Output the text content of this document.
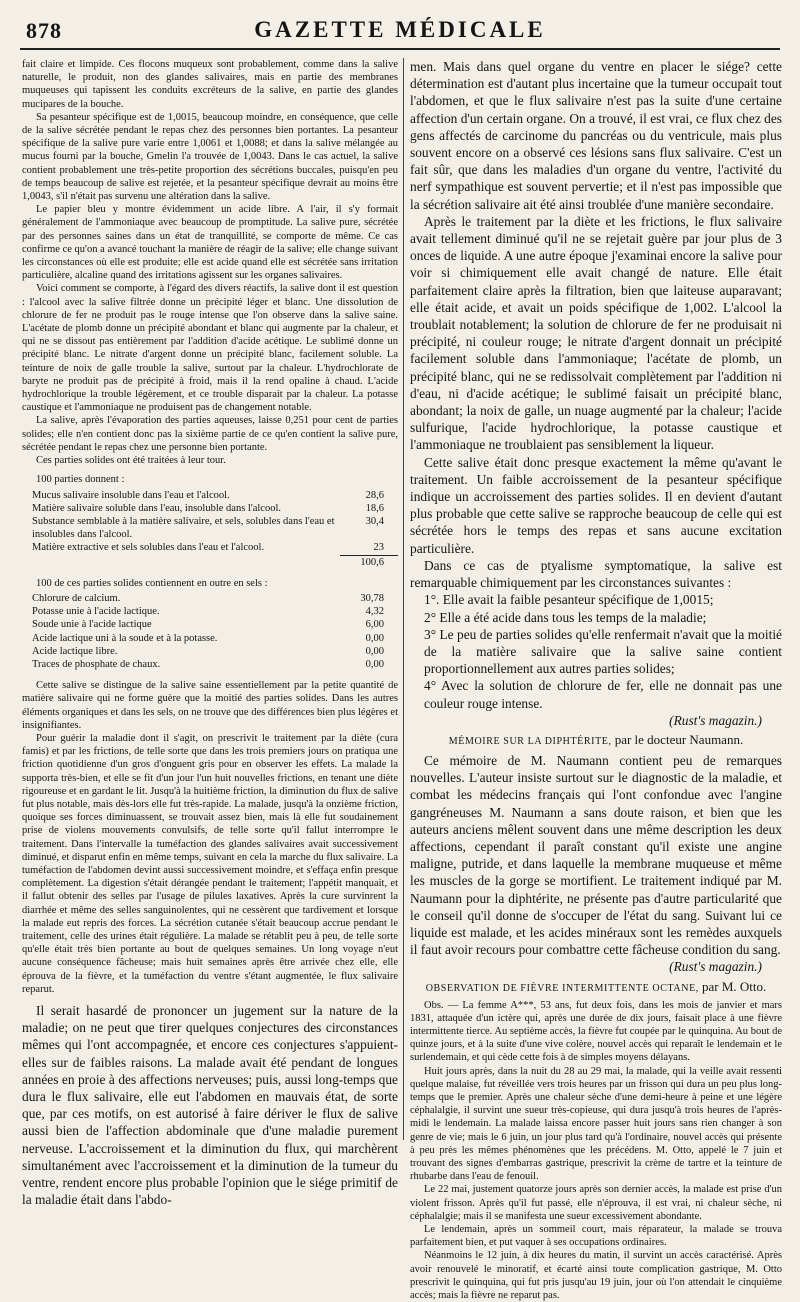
878	GAZETTE MÉDICALE

fait claire et limpide. Ces flocons muqueux sont probablement, comme dans la salive naturelle, le produit, non des glandes salivaires, mais en partie des membranes muqueuses qui tapissent les conduits excréteurs de la salive, en partie des glandes mucipares de la bouche.

Sa pesanteur spécifique est de 1,0015, beaucoup moindre, en conséquence, que celle de la salive sécrétée pendant le repas chez des personnes bien portantes. La pesanteur spécifique de la salive pure varie entre 1,0061 et 1,0088; et dans la salive mélangée au mucus fourni par la bouche, Gmelin l'a trouvée de 1,0043. Dans le cas actuel, la salive contient probablement une très-petite proportion des sécrétions buccales, puisqu'en peu de temps beaucoup de salive est rejetée, et la pesanteur spécifique devrait au moins être 1,0043, s'il n'était pas survenu une altération dans la salive.

Le papier bleu y montre évidemment un acide libre. A l'air, il s'y formait généralement de l'ammoniaque avec beaucoup de promptitude. La salive pure, sécrétée par des personnes saines dans un état de tranquillité, se comporte de même. Ce cas confirme ce qu'on a avancé touchant la manière de réagir de la salive; elle change suivant les circonstances où elle est produite; elle est acide quand elle est sécrétée sans irritation particulière, alcaline quand des irritations agissent sur les organes salivaires.

Voici comment se comporte, à l'égard des divers réactifs, la salive dont il est question : l'alcool avec la salive filtrée donne un précipité léger et blanc. Une dissolution de chlorure de fer ne produit pas le rouge intense que l'on observe dans la salive saine. L'acétate de plomb donne un précipité abondant et blanc qui augmente par la chaleur, et qui ne se dissout pas entièrement par l'addition d'acide acétique. Le sublimé donne un précipité blanc. Le nitrate d'argent donne un précipité blanc, facilement soluble. La teinture de noix de galle trouble la salive, surtout par la chaleur. L'hydrochlorate de baryte ne produit pas de précipité à froid, mais il la rend opaline à chaud. L'acide hydrochlorique la trouble légèrement, et ce trouble disparait par la chaleur. La potasse caustique et l'ammoniaque ne produisent pas de changement notable.

La salive, après l'évaporation des parties aqueuses, laisse 0,251 pour cent de parties solides; elle n'en contient donc pas la sixième partie de ce qu'en contient la salive pure, sécrétée pendant le repas chez une personne bien portante.

Ces parties solides ont été traitées à leur tour.

100 parties donnent :

Mucus salivaire insoluble dans l'eau et l'alcool.	28,6
Matière salivaire soluble dans l'eau, insoluble dans l'alcool.	18,6
Substance semblable à la matière salivaire, et sels, solubles dans l'eau et insolubles dans l'alcool.	30,4
Matière extractive et sels solubles dans l'eau et l'alcool.	23
	100,6

100 de ces parties solides contiennent en outre en sels :

Chlorure de calcium.	30,78
Potasse unie à l'acide lactique.	4,32
Soude unie à l'acide lactique	6,00
Acide lactique uni à la soude et à la potasse.	0,00
Acide lactique libre.	0,00
Traces de phosphate de chaux.	0,00

Cette salive se distingue de la salive saine essentiellement par la petite quantité de matière salivaire qui ne forme guère que la moitié des parties solides. Dans les autres éléments organiques et dans les sels, on ne trouve que des différences bien plus légères et insignifiantes.

Pour guérir la maladie dont il s'agit, on prescrivit le traitement par la diète (cura famis) et par les frictions, de telle sorte que dans les trois premiers jours on pratiqua une friction quotidienne d'un gros d'onguent gris pour en observer les effets. La malade la supporta très-bien, et elle se fit d'un jour l'un huit nouvelles frictions, en tenant une diète rigoureuse et en gardant le lit. Jusqu'à la huitième friction, la diminution du flux de salive fut plus notable, mais dès-lors elle fut très-rapide. La malade, jusqu'à la onzième friction, quoique ses forces diminuassent, se trouvait assez bien, mais là elle fut soudainement prise de violens mouvements convulsifs, de telle sorte qu'il fallut interrompre le traitement. Dans l'intervalle la tuméfaction des glandes salivaires avait successivement diminué, et disparut enfin en même temps, suivant en cela la marche du flux salivaire. La tuméfaction de l'abdomen devint aussi successivement moindre, et s'effaça enfin presque complètement. La digestion s'était dérangée pendant le traitement; l'appétit manquait, et il fallut obtenir des selles par l'usage de pilules laxatives. Après la cure survinrent la diarrhée et même des selles sanguinolentes, qui ne cessèrent que tardivement et lorsque la malade eut repris des forces. La sécrétion cutanée s'était beaucoup accrue pendant le traitement, celle des urines était régulière. La malade se rétablit peu à peu, de telle sorte qu'elle était très bien portante au bout de quelques semaines. Un long voyage n'eut aucune conséquence fâcheuse; mais huit semaines après être arrivée chez elle, elle éprouva de la fièvre, et la tuméfaction du ventre s'étant augmentée, le flux salivaire reparut.

Il serait hasardé de prononcer un jugement sur la nature de la maladie; on ne peut que tirer quelques conjectures des circonstances mêmes qui l'ont accompagnée, et encore ces conjectures s'appuient-elles sur de faibles raisons. La malade avait été pendant de longues années en proie à des affections nerveuses; puis, aussi long-temps que dura le flux salivaire, elle eut l'abdomen en mauvais état, de sorte que, par ces motifs, on est autorisé à faire dériver le flux de salive aussi bien de l'affection abdominale que d'une maladie purement nerveuse. L'accroissement et la diminution du flux, qui marchèrent simultanément avec l'accroissement et la diminution de la tumeur du ventre, rendent encore plus probable l'opinion que le siége primitif de la maladie était dans l'abdo-

men. Mais dans quel organe du ventre en placer le siége? cette détermination est d'autant plus incertaine que la tumeur occupait tout l'abdomen, et que le flux salivaire n'est pas la suite d'une certaine affection d'un certain organe. On a trouvé, il est vrai, ce flux chez des gens affectés de carcinome du pancréas ou du ventricule, mais plus souvent encore on a observé ces lésions sans flux salivaire. C'est un fait sûr, que dans les maladies d'un organe du ventre, l'activité du nerf sympathique est souvent pervertie; et il n'est pas impossible que la sécrétion salivaire ait été ainsi troublée d'une manière secondaire.

Après le traitement par la diète et les frictions, le flux salivaire avait tellement diminué qu'il ne se rejetait guère par jour plus de 3 onces de liquide. A une autre époque j'examinai encore la salive pour voir si chimiquement elle avait changé de nature. Elle était parfaitement claire après la filtration, bien que laiteuse auparavant; elle était acide, et avait un poids spécifique de 1,002. L'alcool la troublait notablement; la solution de chlorure de fer ne produisait ni précipité, ni couleur rouge; le nitrate d'argent donnait un précipité facilement soluble dans l'ammoniaque; l'acétate de plomb, un précipité blanc, qui ne se redissolvait complètement par l'addition ni d'eau, ni d'acide acétique; le sublimé faisait un précipité blanc, abondant; la noix de galle, un nuage augmenté par la chaleur; l'acide sulfurique, l'acide hydrochlorique, la potasse caustique et l'ammoniaque ne troublaient pas sensiblement la liqueur.

Cette salive était donc presque exactement la même qu'avant le traitement. Un faible accroissement de la pesanteur spécifique indique un accroissement des parties solides. Il en devient d'autant plus probable que cette salive se rapproche beaucoup de celle qui est sécrétée hors le temps des repas et sans aucune excitation particulière.

Dans ce cas de ptyalisme symptomatique, la salive est remarquable chimiquement par les circonstances suivantes :

1°. Elle avait la faible pesanteur spécifique de 1,0015;

2° Elle a été acide dans tous les temps de la maladie;

3° Le peu de parties solides qu'elle renfermait n'avait que la moitié de la matière salivaire que la salive saine contient proportionnellement aux autres parties solides;

4° Avec la solution de chlorure de fer, elle ne donnait pas une couleur rouge intense.

(Rust's magazin.)

MÉMOIRE SUR LA DIPHTÉRITE, par le docteur Naumann.

Ce mémoire de M. Naumann contient peu de remarques nouvelles. L'auteur insiste surtout sur le diagnostic de la maladie, et combat les médecins français qui l'ont confondue avec l'angine gangréneuses M. Naumann a sans doute raison, et bien que les auteurs anciens mêlent souvent dans une même description les deux affections, cependant il paraît constant qu'il existe une angine maligne, putride, et dans laquelle la membrane muqueuse et même les muscles de la gorge se mortifient. Le traitement indiqué par M. Naumann pour la diphtérite, ne présente pas d'autre particularité que le conseil qu'il donne de s'occuper de l'état du sang. Suivant lui ce liquide est malade, et les acides minéraux sont les remèdes auxquels il faut avoir recours pour combattre cette fâcheuse condition du sang.

(Rust's magazin.)

OBSERVATION DE FIÈVRE INTERMITTENTE OCTANE, par M. Otto.

Obs. — La femme A***, 53 ans, fut deux fois, dans les mois de janvier et mars 1831, attaquée d'un ictère qui, après une durée de dix jours, faisait place à une fièvre intermittente tierce. Au septième accès, la fièvre fut coupée par le quinquina. Au bout de quinze jours, et à la suite d'une vive colère, nouvel accès qui reparaît le lendemain et le surlendemain, et qui cède cette fois à de simples moyens délayans.

Huit jours après, dans la nuit du 28 au 29 mai, la malade, qui la veille avait ressenti quelque malaise, fut réveillée vers trois heures par un frisson qui dura un peu plus long-temps que le premier. Après une chaleur sèche d'une demi-heure à peine et une légère céphalalgie, il survint une sueur très-copieuse, qui dura jusqu'à trois heures de l'après-midi le lendemain. La malade laissa encore passer huit jours sans rien changer à son genre de vie; mais le 6 juin, un jour plus tard qu'à l'ordinaire, nouvel accès qui présente à peu près les mêmes phénomènes que les précédens. M. Otto, appelé le 7 juin et trouvant des signes d'embarras gastrique, prescrivit la crème de tartre et la teinture de rhubarbe dans l'eau de fenouil.

Le 22 mai, justement quatorze jours après son dernier accès, la malade est prise d'un violent frisson. Après qu'il fut passé, elle n'éprouva, il est vrai, ni chaleur sèche, ni céphalalgie; mais il se manifesta une sueur excessivement abondante.

Le lendemain, après un sommeil court, mais réparateur, la malade se trouva parfaitement bien, et put vaquer à ses occupations ordinaires.

Néanmoins le 12 juin, à dix heures du matin, il survint un accès caractérisé. Après avoir renouvelé le minoratif, et écarté ainsi toute complication gastrique, M. Otto prescrivit le quinquina, qui fut pris jusqu'au 19 juin, jour où l'on attendait le cinquième accès; mais la fièvre ne reparut pas.
